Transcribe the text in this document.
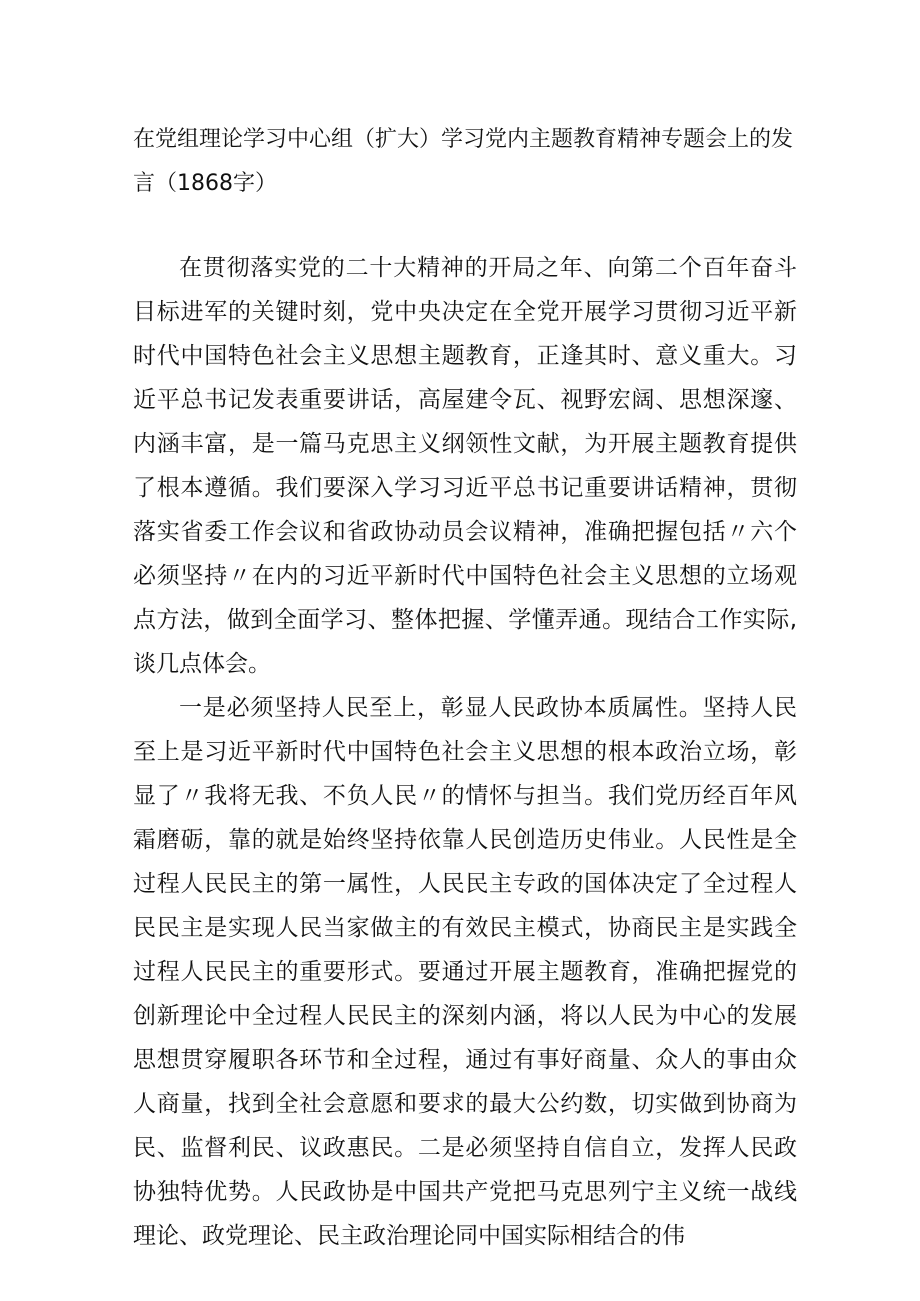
在党组理论学习中心组（扩大）学习党内主题教育精神专题会上的发言（1868字）

在贯彻落实党的二十大精神的开局之年、向第二个百年奋斗目标进军的关键时刻，党中央决定在全党开展学习贯彻习近平新时代中国特色社会主义思想主题教育，正逢其时、意义重大。习近平总书记发表重要讲话，高屋建令瓦、视野宏阔、思想深邃、内涵丰富，是一篇马克思主义纲领性文献，为开展主题教育提供了根本遵循。我们要深入学习习近平总书记重要讲话精神，贯彻落实省委工作会议和省政协动员会议精神，准确把握包括〃六个必须坚持〃在内的习近平新时代中国特色社会主义思想的立场观点方法，做到全面学习、整体把握、学懂弄通。现结合工作实际,谈几点体会。

一是必须坚持人民至上，彰显人民政协本质属性。坚持人民至上是习近平新时代中国特色社会主义思想的根本政治立场，彰显了〃我将无我、不负人民〃的情怀与担当。我们党历经百年风霜磨砺，靠的就是始终坚持依靠人民创造历史伟业。人民性是全过程人民民主的第一属性，人民民主专政的国体决定了全过程人民民主是实现人民当家做主的有效民主模式，协商民主是实践全过程人民民主的重要形式。要通过开展主题教育，准确把握党的创新理论中全过程人民民主的深刻内涵，将以人民为中心的发展思想贯穿履职各环节和全过程，通过有事好商量、众人的事由众人商量，找到全社会意愿和要求的最大公约数，切实做到协商为民、监督利民、议政惠民。二是必须坚持自信自立，发挥人民政协独特优势。人民政协是中国共产党把马克思列宁主义统一战线理论、政党理论、民主政治理论同中国实际相结合的伟
